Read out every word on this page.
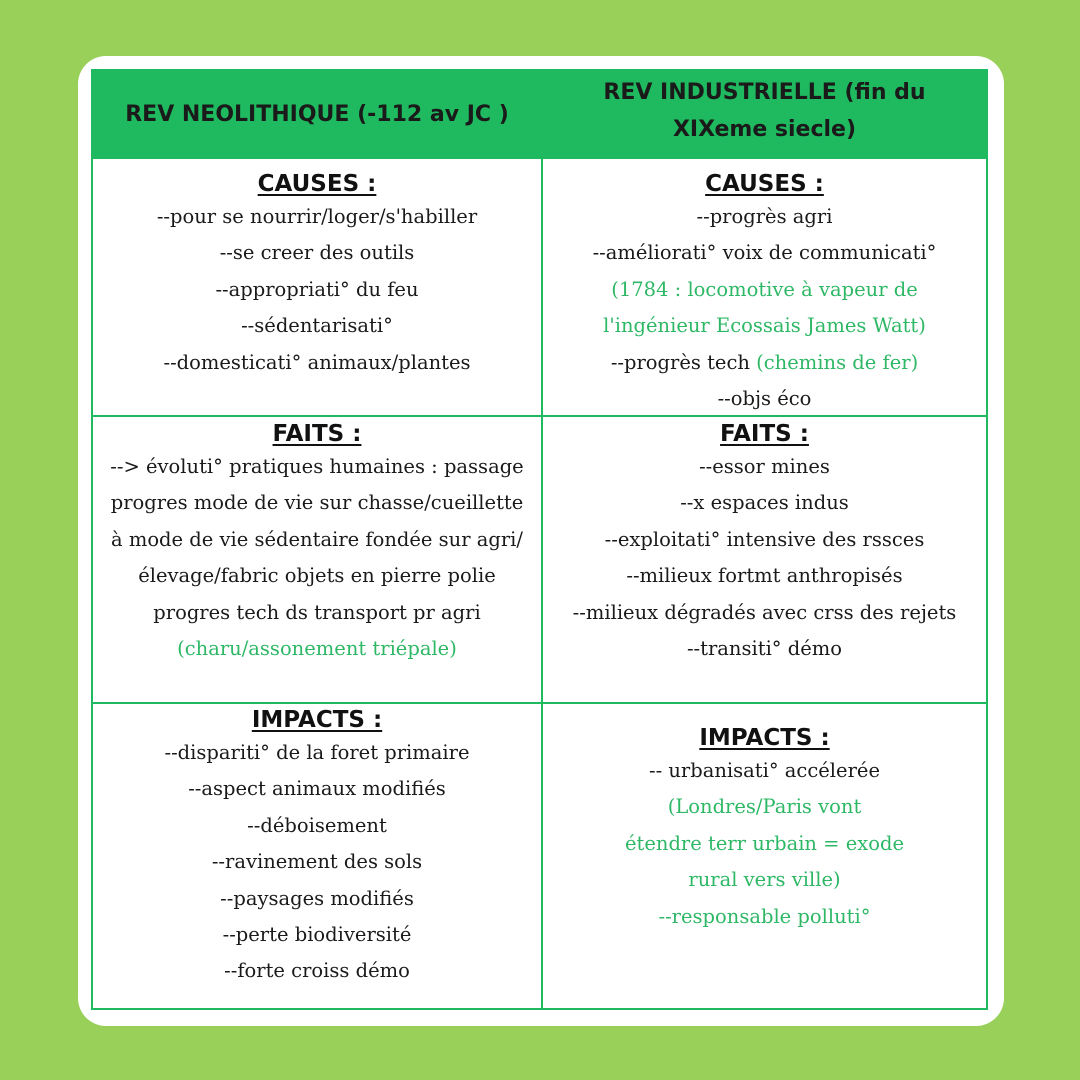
REV NEOLITHIQUE (-112 av JC )
REV INDUSTRIELLE (fin du
XIXeme siecle)
CAUSES :
--pour se nourrir/loger/s'habiller
--se creer des outils
--appropriati° du feu
--sédentarisati°
--domesticati° animaux/plantes
CAUSES :
--progrès agri
--améliorati° voix de communicati°
(1784 : locomotive à vapeur de
l'ingénieur Ecossais James Watt)
--progrès tech (chemins de fer)
--objs éco
FAITS :
--> évoluti° pratiques humaines : passage
progres mode de vie sur chasse/cueillette
à mode de vie sédentaire fondée sur agri/
élevage/fabric objets en pierre polie
progres tech ds transport pr agri
(charu/assonement triépale)
FAITS :
--essor mines
--x espaces indus
--exploitati° intensive des rssces
--milieux fortmt anthropisés
--milieux dégradés avec crss des rejets
--transiti° démo
IMPACTS :
--dispariti° de la foret primaire
--aspect animaux modifiés
--déboisement
--ravinement des sols
--paysages modifiés
--perte biodiversité
--forte croiss démo
IMPACTS :
-- urbanisati° accélerée
(Londres/Paris vont
étendre terr urbain = exode
rural vers ville)
--responsable polluti°
